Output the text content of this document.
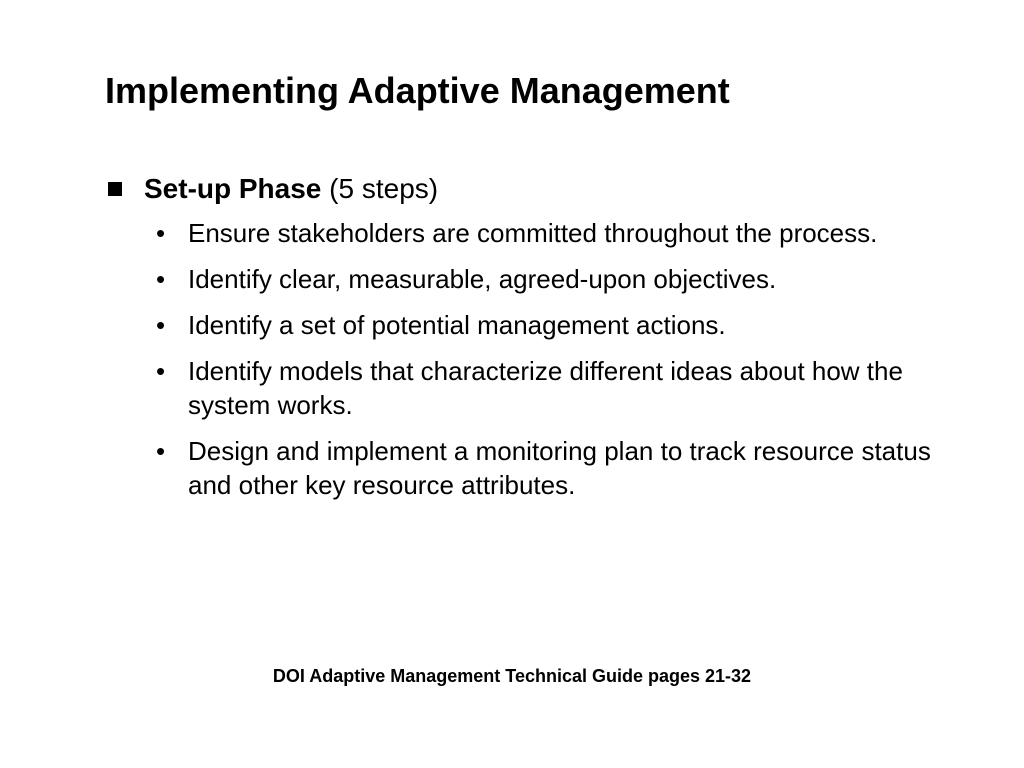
Implementing Adaptive Management
Set-up Phase (5 steps)
• Ensure stakeholders are committed throughout the process.
• Identify clear, measurable, agreed-upon objectives.
• Identify a set of potential management actions.
• Identify models that characterize different ideas about how the system works.
• Design and implement a monitoring plan to track resource status and other key resource attributes.
DOI Adaptive Management Technical Guide pages 21-32
